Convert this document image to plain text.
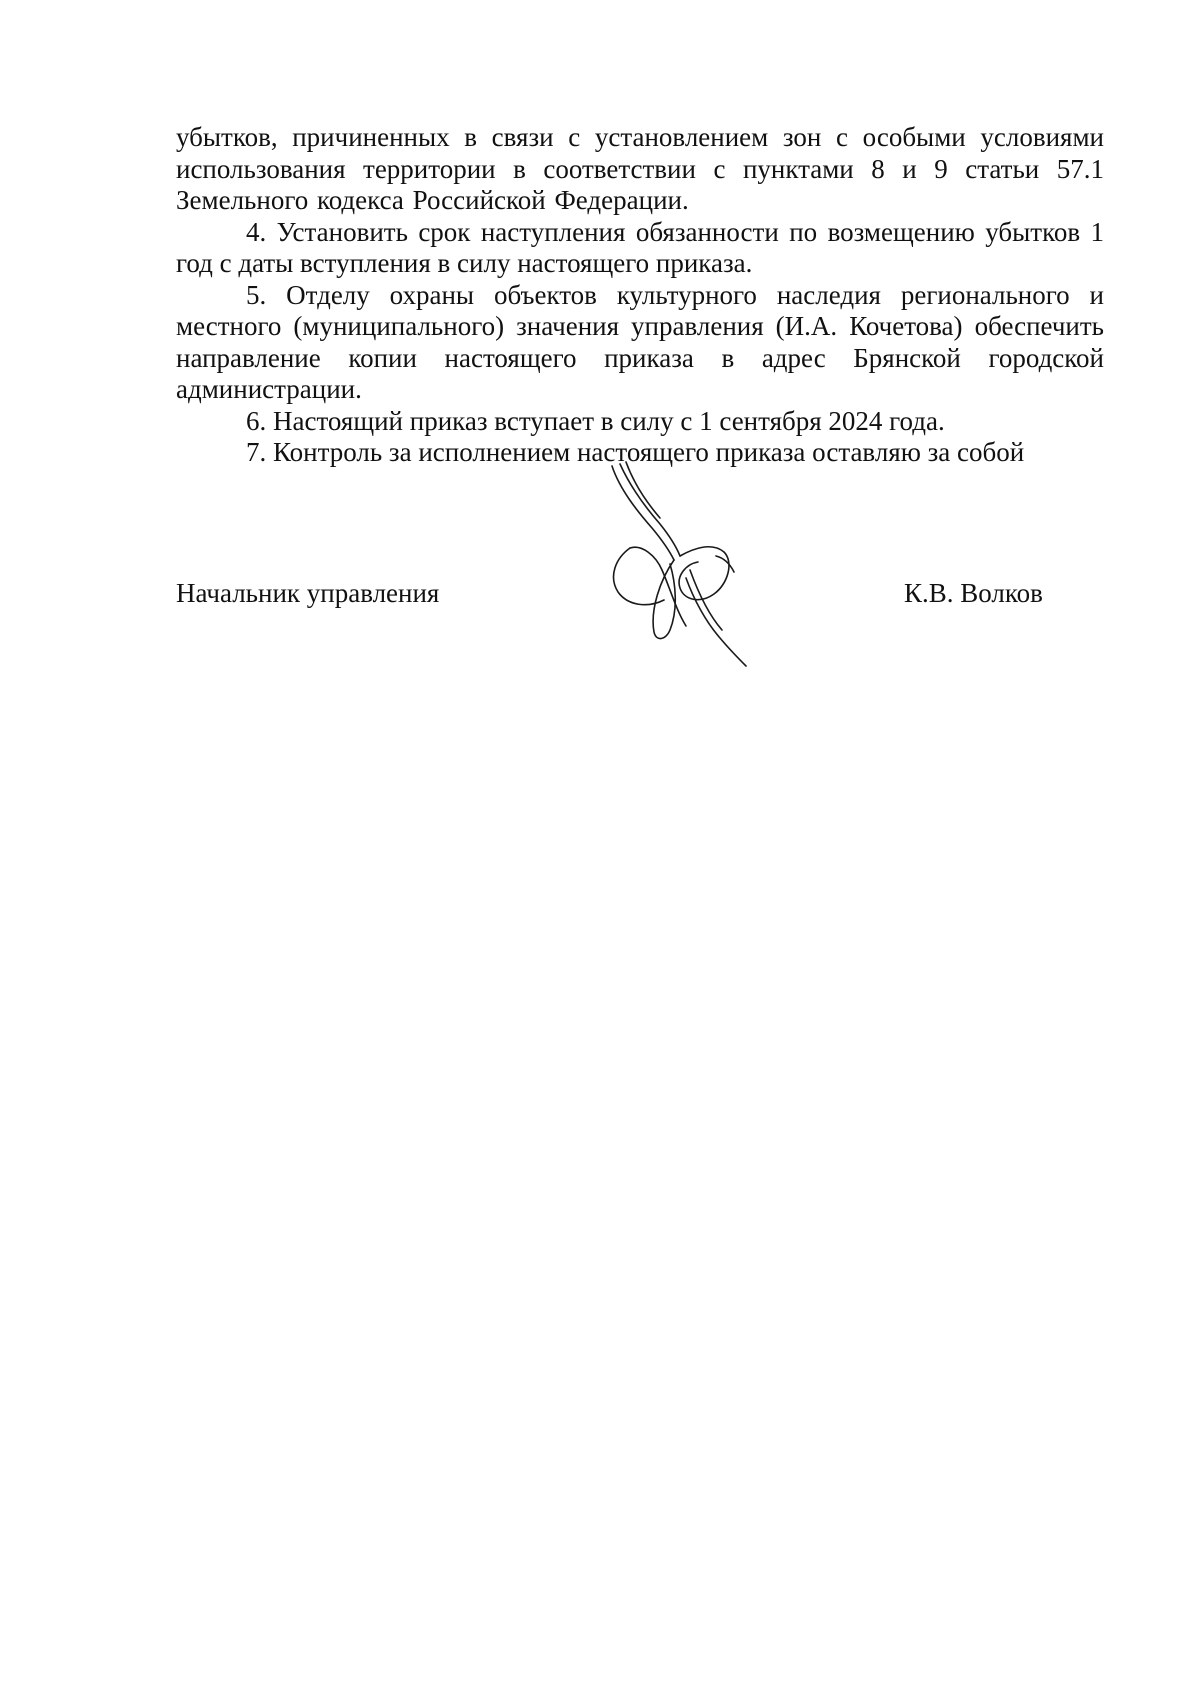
убытков, причиненных в связи с установлением зон с особыми условиями использования территории в соответствии с пунктами 8 и 9 статьи 57.1 Земельного кодекса Российской Федерации.

4. Установить срок наступления обязанности по возмещению убытков 1 год с даты вступления в силу настоящего приказа.

5. Отделу охраны объектов культурного наследия регионального и местного (муниципального) значения управления (И.А. Кочетова) обеспечить направление копии настоящего приказа в адрес Брянской городской администрации.

6. Настоящий приказ вступает в силу с 1 сентября 2024 года.

7. Контроль за исполнением настоящего приказа оставляю за собой

Начальник управления	К.В. Волков
